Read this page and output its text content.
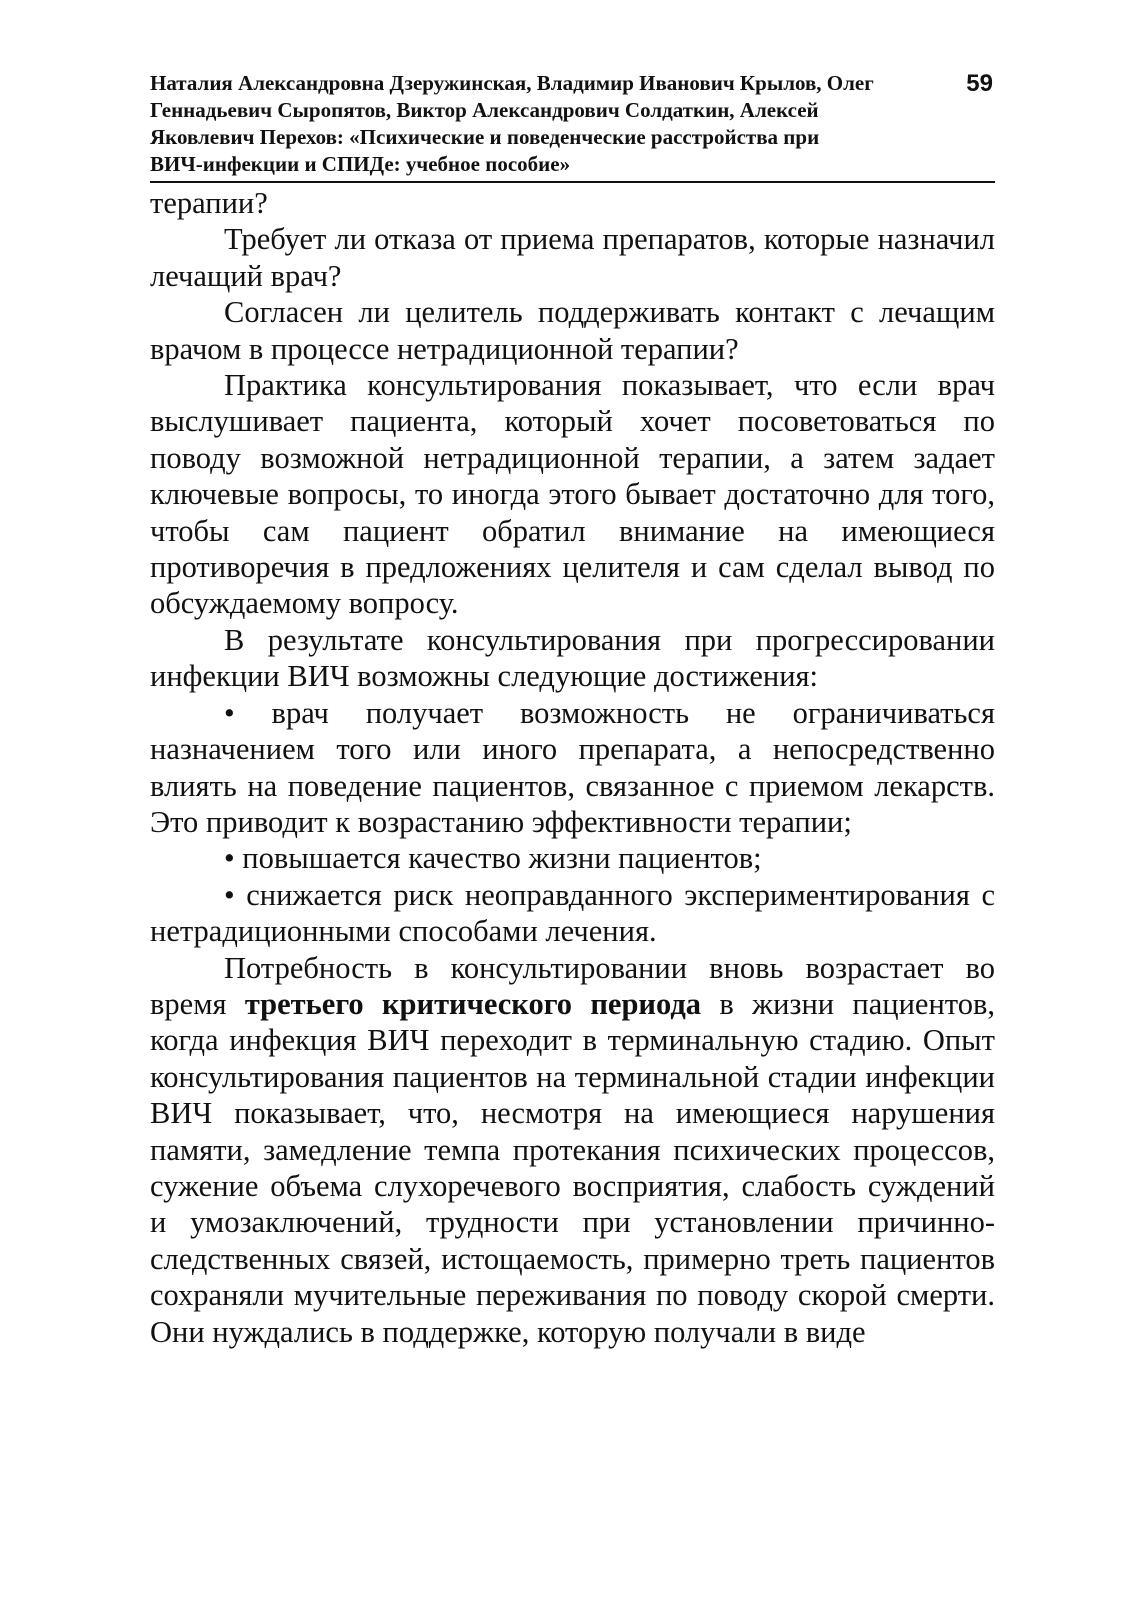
Наталия Александровна Дзеружинская, Владимир Иванович Крылов, Олег
Геннадьевич Сыропятов, Виктор Александрович Солдаткин, Алексей
Яковлевич Перехов: «Психические и поведенческие расстройства при
ВИЧ-инфекции и СПИДе: учебное пособие»
59

терапии?

Требует ли отказа от приема препаратов, которые назначил лечащий врач?

Согласен ли целитель поддерживать контакт с лечащим врачом в процессе нетрадиционной терапии?

Практика консультирования показывает, что если врач выслушивает пациента, который хочет посоветоваться по поводу возможной нетрадиционной терапии, а затем задает ключевые вопросы, то иногда этого бывает достаточно для того, чтобы сам пациент обратил внимание на имеющиеся противоречия в предложениях целителя и сам сделал вывод по обсуждаемому вопросу.

В результате консультирования при прогрессировании инфекции ВИЧ возможны следующие достижения:

• врач получает возможность не ограничиваться назначением того или иного препарата, а непосредственно влиять на поведение пациентов, связанное с приемом лекарств. Это приводит к возрастанию эффективности терапии;

• повышается качество жизни пациентов;

• снижается риск неоправданного экспериментирования с нетрадиционными способами лечения.

Потребность в консультировании вновь возрастает во время третьего критического периода в жизни пациентов, когда инфекция ВИЧ переходит в терминальную стадию. Опыт консультирования пациентов на терминальной стадии инфекции ВИЧ показывает, что, несмотря на имеющиеся нарушения памяти, замедление темпа протекания психических процессов, сужение объема слухоречевого восприятия, слабость суждений и умозаключений, трудности при установлении причинно-следственных связей, истощаемость, примерно треть пациентов сохраняли мучительные переживания по поводу скорой смерти. Они нуждались в поддержке, которую получали в виде
